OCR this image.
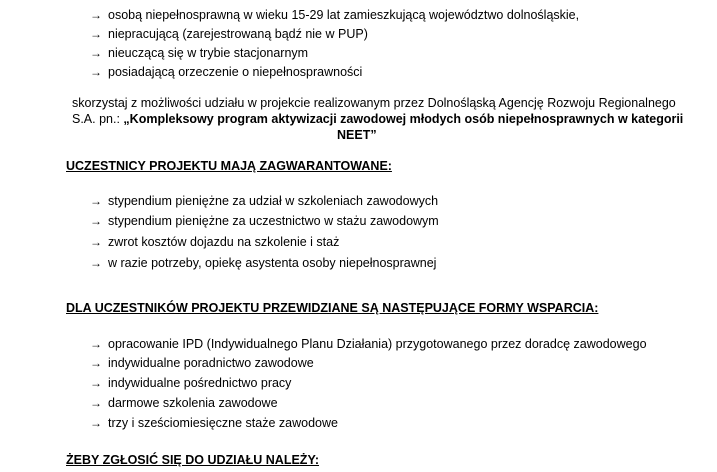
→ osobą niepełnosprawną w wieku 15-29 lat zamieszkującą województwo dolnośląskie,
→ niepracującą (zarejestrowaną bądź nie w PUP)
→ nieuczącą się w trybie stacjonarnym
→ posiadającą orzeczenie o niepełnosprawności
skorzystaj z możliwości udziału w projekcie realizowanym przez Dolnośląską Agencję Rozwoju Regionalnego
S.A. pn.: „Kompleksowy program aktywizacji zawodowej młodych osób niepełnosprawnych w kategorii
NEET”
UCZESTNICY PROJEKTU MAJĄ ZAGWARANTOWANE:
→ stypendium pieniężne za udział w szkoleniach zawodowych
→ stypendium pieniężne za uczestnictwo w stażu zawodowym
→ zwrot kosztów dojazdu na szkolenie i staż
→ w razie potrzeby, opiekę asystenta osoby niepełnosprawnej
DLA UCZESTNIKÓW PROJEKTU PRZEWIDZIANE SĄ NASTĘPUJĄCE FORMY WSPARCIA:
→ opracowanie IPD (Indywidualnego Planu Działania) przygotowanego przez doradcę zawodowego
→ indywidualne poradnictwo zawodowe
→ indywidualne pośrednictwo pracy
→ darmowe szkolenia zawodowe
→ trzy i sześciomiesięczne staże zawodowe
ŻEBY ZGŁOSIĆ SIĘ DO UDZIAŁU NALEŻY:
